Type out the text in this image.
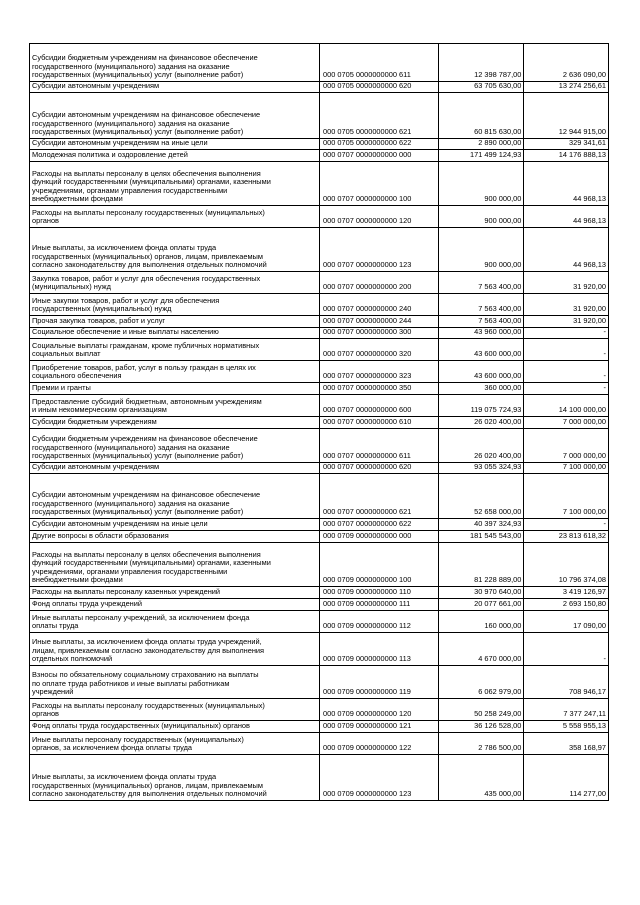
Субсидии бюджетным учреждениям на финансовое обеспечение
государственного (муниципального) задания на оказание
государственных (муниципальных) услуг (выполнение работ)	000 0705 0000000000 611	12 398 787,00	2 636 090,00
Субсидии автономным учреждениям	000 0705 0000000000 620	63 705 630,00	13 274 256,61
Субсидии автономным учреждениям на финансовое обеспечение
государственного (муниципального) задания на оказание
государственных (муниципальных) услуг (выполнение работ)	000 0705 0000000000 621	60 815 630,00	12 944 915,00
Субсидии автономным учреждениям на иные цели	000 0705 0000000000 622	2 890 000,00	329 341,61
Молодежная политика и оздоровление детей	000 0707 0000000000 000	171 499 124,93	14 176 888,13
Расходы на выплаты персоналу в целях обеспечения выполнения
функций государственными (муниципальными) органами, казенными
учреждениями, органами управления государственными
внебюджетными фондами	000 0707 0000000000 100	900 000,00	44 968,13
Расходы на выплаты персоналу государственных (муниципальных)
органов	000 0707 0000000000 120	900 000,00	44 968,13
Иные выплаты, за исключением фонда оплаты труда
государственных (муниципальных) органов, лицам, привлекаемым
согласно законодательству для выполнения отдельных полномочий	000 0707 0000000000 123	900 000,00	44 968,13
Закупка товаров, работ и услуг для обеспечения государственных
(муниципальных) нужд	000 0707 0000000000 200	7 563 400,00	31 920,00
Иные закупки товаров, работ и услуг для обеспечения
государственных (муниципальных) нужд	000 0707 0000000000 240	7 563 400,00	31 920,00
Прочая закупка товаров, работ и услуг	000 0707 0000000000 244	7 563 400,00	31 920,00
Социальное обеспечение и иные выплаты населению	000 0707 0000000000 300	43 960 000,00	-
Социальные выплаты гражданам, кроме публичных нормативных
социальных выплат	000 0707 0000000000 320	43 600 000,00	-
Приобретение товаров, работ, услуг в пользу граждан в целях их
социального обеспечения	000 0707 0000000000 323	43 600 000,00	-
Премии и гранты	000 0707 0000000000 350	360 000,00	-
Предоставление субсидий бюджетным, автономным учреждениям
и иным некоммерческим организациям	000 0707 0000000000 600	119 075 724,93	14 100 000,00
Субсидии бюджетным учреждениям	000 0707 0000000000 610	26 020 400,00	7 000 000,00
Субсидии бюджетным учреждениям на финансовое обеспечение
государственного (муниципального) задания на оказание
государственных (муниципальных) услуг (выполнение работ)	000 0707 0000000000 611	26 020 400,00	7 000 000,00
Субсидии автономным учреждениям	000 0707 0000000000 620	93 055 324,93	7 100 000,00
Субсидии автономным учреждениям на финансовое обеспечение
государственного (муниципального) задания на оказание
государственных (муниципальных) услуг (выполнение работ)	000 0707 0000000000 621	52 658 000,00	7 100 000,00
Субсидии автономным учреждениям на иные цели	000 0707 0000000000 622	40 397 324,93	-
Другие вопросы в области образования	000 0709 0000000000 000	181 545 543,00	23 813 618,32
Расходы на выплаты персоналу в целях обеспечения выполнения
функций государственными (муниципальными) органами, казенными
учреждениями, органами управления государственными
внебюджетными фондами	000 0709 0000000000 100	81 228 889,00	10 796 374,08
Расходы на выплаты персоналу казенных учреждений	000 0709 0000000000 110	30 970 640,00	3 419 126,97
Фонд оплаты труда учреждений	000 0709 0000000000 111	20 077 661,00	2 693 150,80
Иные выплаты персоналу учреждений, за исключением фонда
оплаты труда	000 0709 0000000000 112	160 000,00	17 090,00
Иные выплаты, за исключением фонда оплаты труда учреждений,
лицам, привлекаемым согласно законодательству для выполнения
отдельных полномочий	000 0709 0000000000 113	4 670 000,00	-
Взносы по обязательному социальному страхованию на выплаты
по оплате труда работников и иные выплаты работникам
учреждений	000 0709 0000000000 119	6 062 979,00	708 946,17
Расходы на выплаты персоналу государственных (муниципальных)
органов	000 0709 0000000000 120	50 258 249,00	7 377 247,11
Фонд оплаты труда государственных (муниципальных) органов	000 0709 0000000000 121	36 126 528,00	5 558 955,13
Иные выплаты персоналу государственных (муниципальных)
органов, за исключением фонда оплаты труда	000 0709 0000000000 122	2 786 500,00	358 168,97
Иные выплаты, за исключением фонда оплаты труда
государственных (муниципальных) органов, лицам, привлекаемым
согласно законодательству для выполнения отдельных полномочий	000 0709 0000000000 123	435 000,00	114 277,00
